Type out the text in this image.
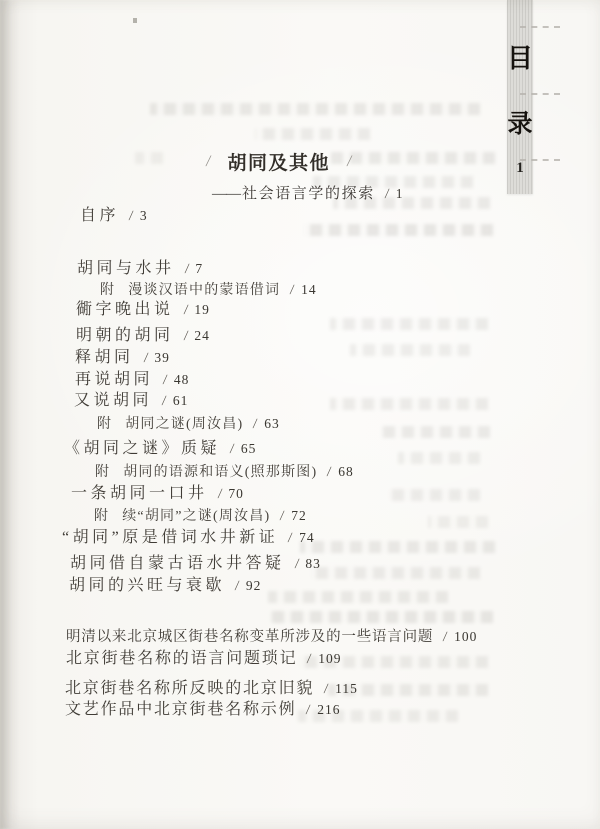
目
录
1
/ 胡同及其他 /
—— 社会语言学的探索 / 1
自序 / 3
胡同与水井 / 7
附 漫谈汉语中的蒙语借词 / 14
衚字晚出说 / 19
明朝的胡同 / 24
释胡同 / 39
再说胡同 / 48
又说胡同 / 61
附 胡同之谜(周汝昌) / 63
《胡同之谜》质疑 / 65
附 胡同的语源和语义(照那斯图) / 68
一条胡同一口井 / 70
附 续“胡同”之谜(周汝昌) / 72
“胡同”原是借词水井新证 / 74
胡同借自蒙古语水井答疑 / 83
胡同的兴旺与衰歇 / 92
明清以来北京城区街巷名称变革所涉及的一些语言问题 / 100
北京街巷名称的语言问题琐记 / 109
北京街巷名称所反映的北京旧貌 / 115
文艺作品中北京街巷名称示例 / 216
